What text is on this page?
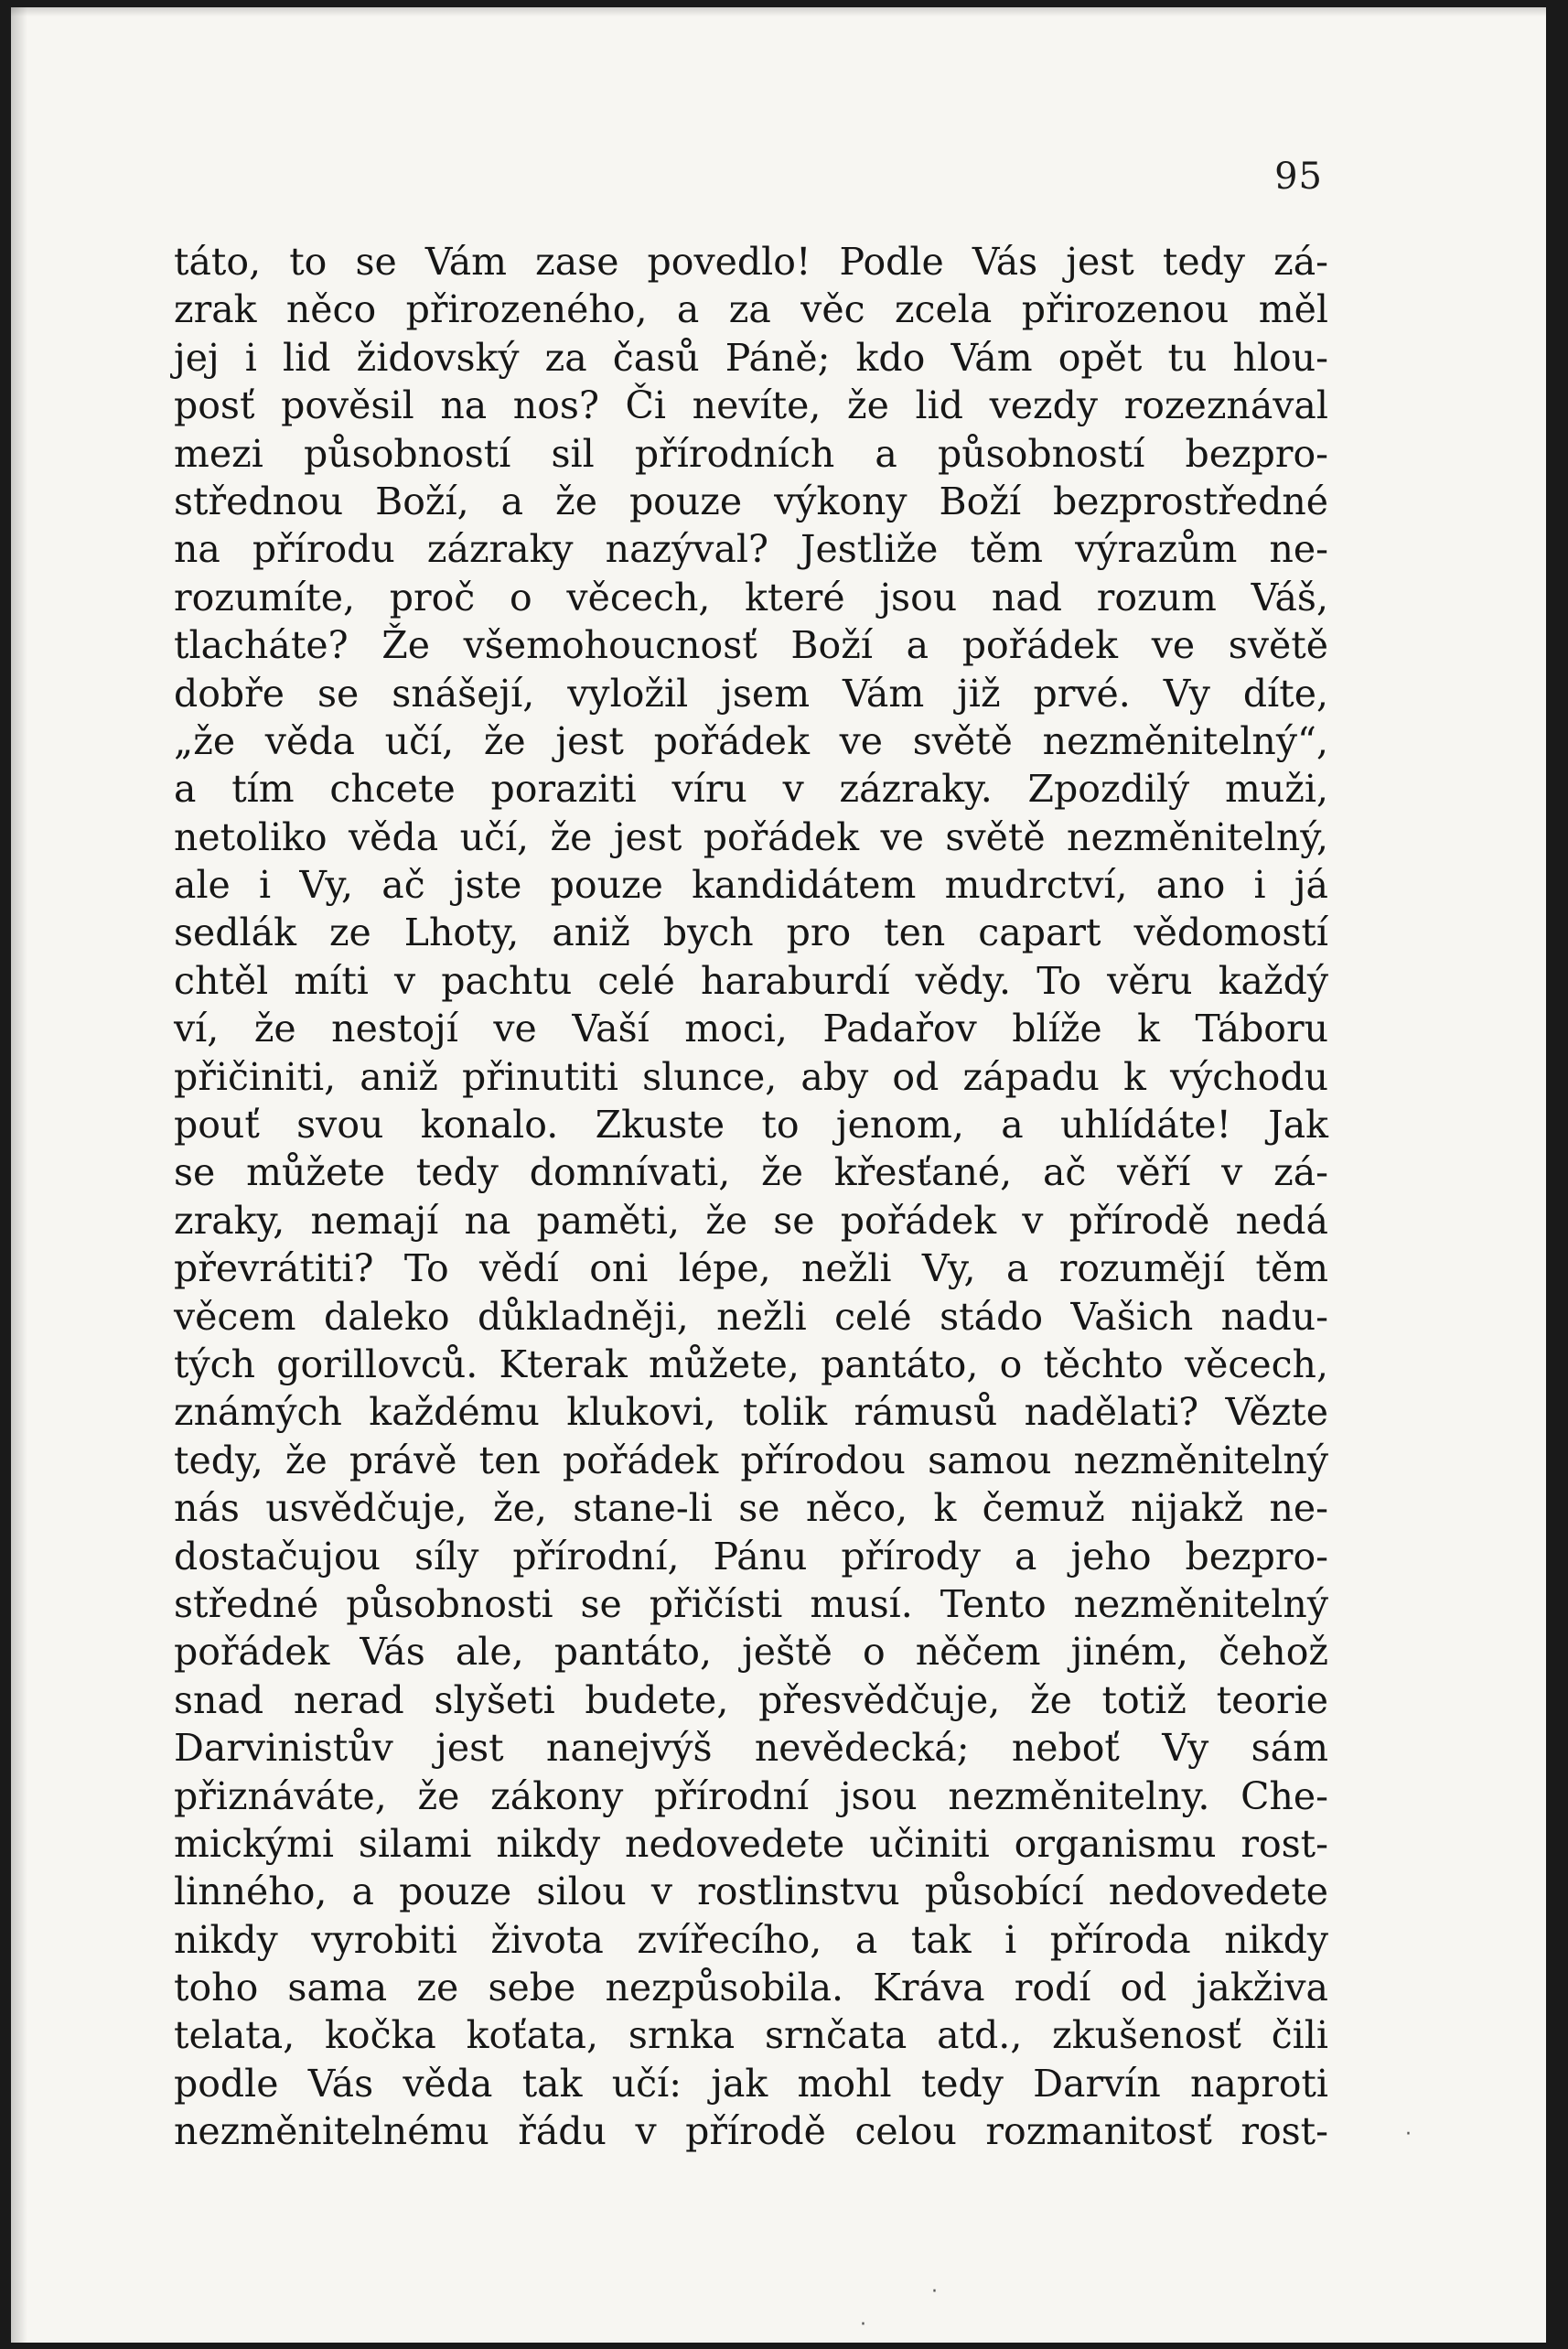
95
táto, to se Vám zase povedlo! Podle Vás jest tedy zá-
zrak něco přirozeného, a za věc zcela přirozenou měl
jej i lid židovský za časů Páně; kdo Vám opět tu hlou-
posť pověsil na nos? Či nevíte, že lid vezdy rozeznával
mezi působností sil přírodních a působností bezpro-
střednou Boží, a že pouze výkony Boží bezprostředné
na přírodu zázraky nazýval? Jestliže těm výrazům ne-
rozumíte, proč o věcech, které jsou nad rozum Váš,
tlacháte? Že všemohoucnosť Boží a pořádek ve světě
dobře se snášejí, vyložil jsem Vám již prvé. Vy díte,
„že věda učí, že jest pořádek ve světě nezměnitelný“,
a tím chcete poraziti víru v zázraky. Zpozdilý muži,
netoliko věda učí, že jest pořádek ve světě nezměnitelný,
ale i Vy, ač jste pouze kandidátem mudrctví, ano i já
sedlák ze Lhoty, aniž bych pro ten capart vědomostí
chtěl míti v pachtu celé haraburdí vědy. To věru každý
ví, že nestojí ve Vaší moci, Padařov blíže k Táboru
přičiniti, aniž přinutiti slunce, aby od západu k východu
pouť svou konalo. Zkuste to jenom, a uhlídáte! Jak
se můžete tedy domnívati, že křesťané, ač věří v zá-
zraky, nemají na paměti, že se pořádek v přírodě nedá
převrátiti? To vědí oni lépe, nežli Vy, a rozumějí těm
věcem daleko důkladněji, nežli celé stádo Vašich nadu-
tých gorillovců. Kterak můžete, pantáto, o těchto věcech,
známých každému klukovi, tolik rámusů nadělati? Vězte
tedy, že právě ten pořádek přírodou samou nezměnitelný
nás usvědčuje, že, stane-li se něco, k čemuž nijakž ne-
dostačujou síly přírodní, Pánu přírody a jeho bezpro-
středné působnosti se přičísti musí. Tento nezměnitelný
pořádek Vás ale, pantáto, ještě o něčem jiném, čehož
snad nerad slyšeti budete, přesvědčuje, že totiž teorie
Darvinistův jest nanejvýš nevědecká; neboť Vy sám
přiznáváte, že zákony přírodní jsou nezměnitelny. Che-
mickými silami nikdy nedovedete učiniti organismu rost-
linného, a pouze silou v rostlinstvu působící nedovedete
nikdy vyrobiti života zvířecího, a tak i příroda nikdy
toho sama ze sebe nezpůsobila. Kráva rodí od jakživa
telata, kočka koťata, srnka srnčata atd., zkušenosť čili
podle Vás věda tak učí: jak mohl tedy Darvín naproti
nezměnitelnému řádu v přírodě celou rozmanitosť rost-	·
·
·
